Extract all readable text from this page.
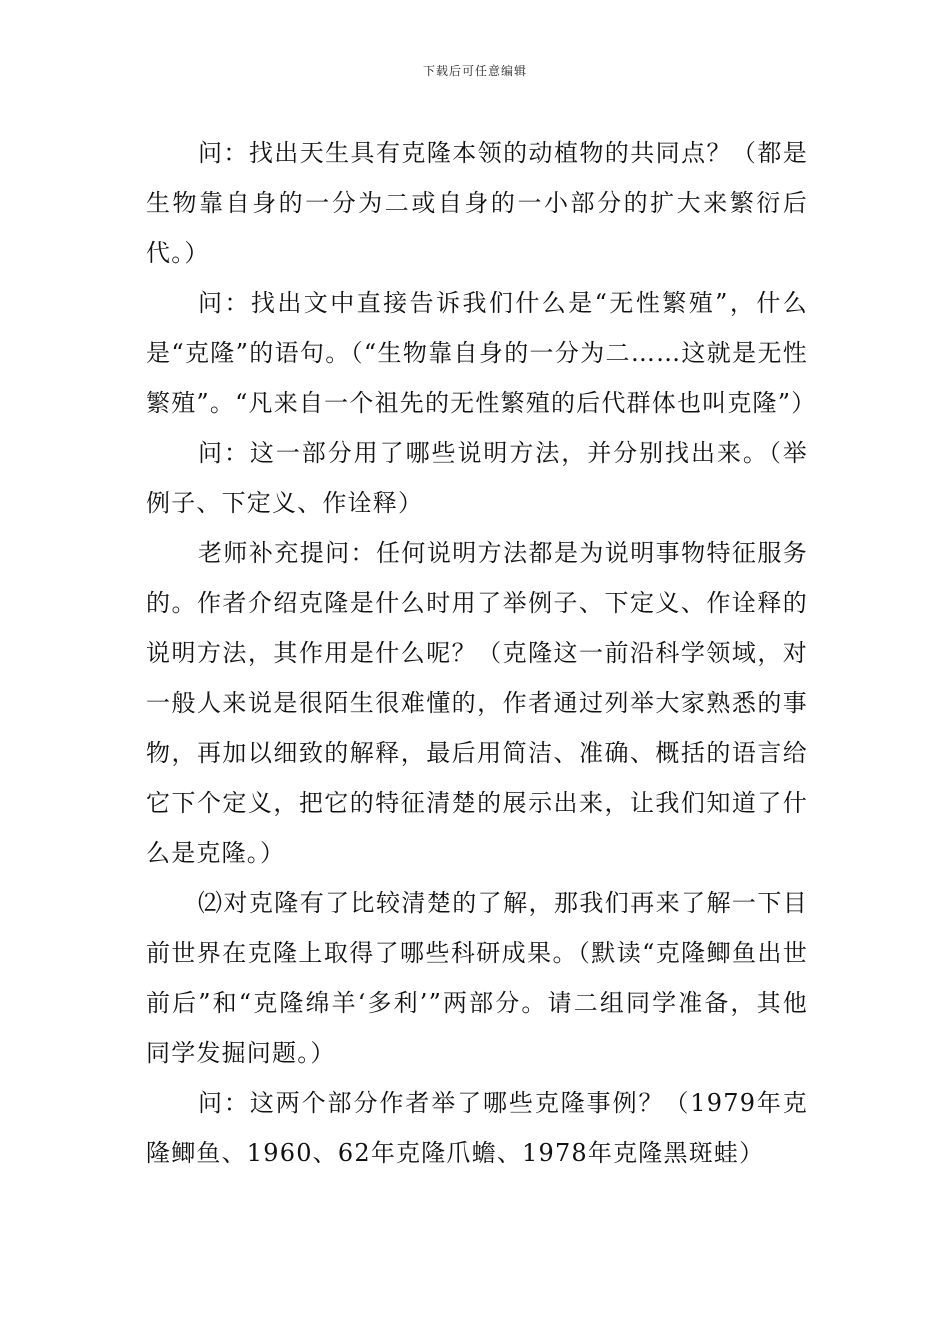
下载后可任意编辑

问：找出天生具有克隆本领的动植物的共同点？（都是生物靠自身的一分为二或自身的一小部分的扩大来繁衍后代。）

问：找出文中直接告诉我们什么是“无性繁殖”，什么是“克隆”的语句。（“生物靠自身的一分为二……这就是无性繁殖”。“凡来自一个祖先的无性繁殖的后代群体也叫克隆”）

问：这一部分用了哪些说明方法，并分别找出来。（举例子、下定义、作诠释）

老师补充提问：任何说明方法都是为说明事物特征服务的。作者介绍克隆是什么时用了举例子、下定义、作诠释的说明方法，其作用是什么呢？（克隆这一前沿科学领域，对一般人来说是很陌生很难懂的，作者通过列举大家熟悉的事物，再加以细致的解释，最后用简洁、准确、概括的语言给它下个定义，把它的特征清楚的展示出来，让我们知道了什么是克隆。）

⑵对克隆有了比较清楚的了解，那我们再来了解一下目前世界在克隆上取得了哪些科研成果。（默读“克隆鲫鱼出世前后”和“克隆绵羊‘多利’”两部分。请二组同学准备，其他同学发掘问题。）

问：这两个部分作者举了哪些克隆事例？（1979年克隆鲫鱼、1960、62年克隆爪蟾、1978年克隆黑斑蛙）
